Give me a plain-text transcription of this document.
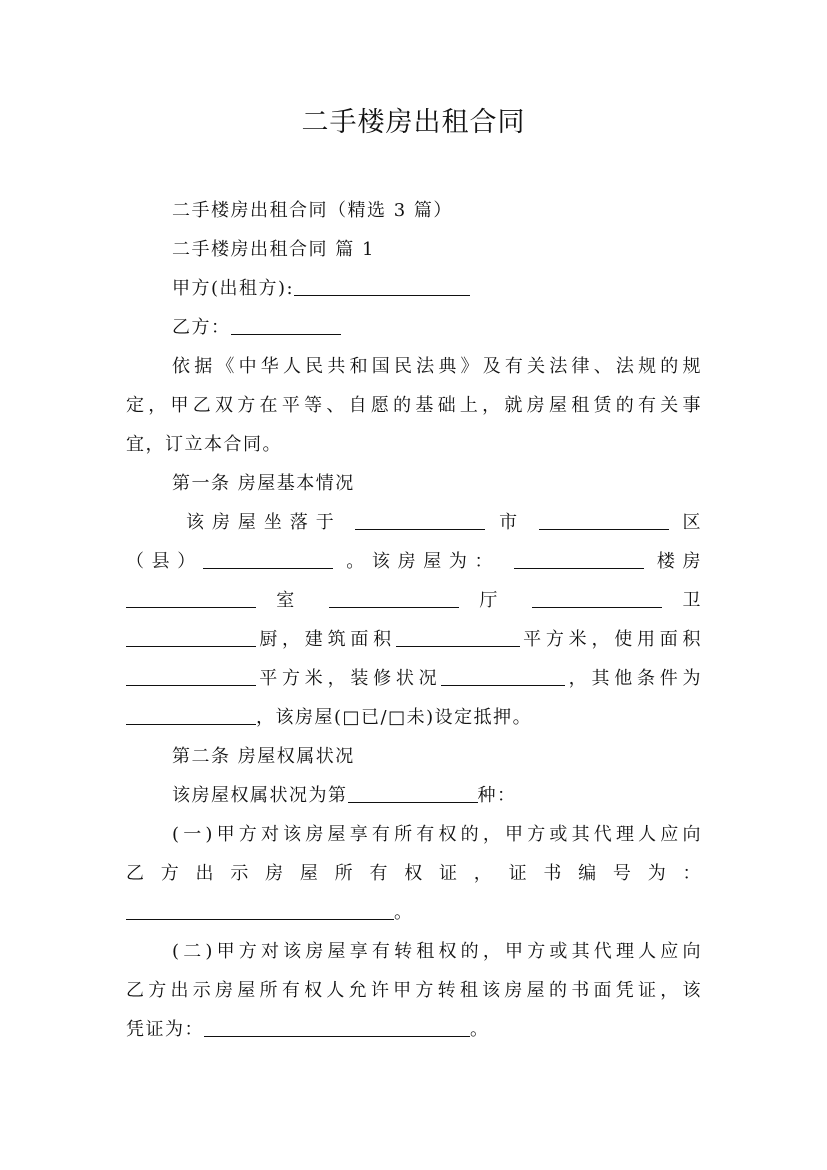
二手楼房出租合同
二手楼房出租合同（精选 3 篇）
二手楼房出租合同 篇 1
甲方(出租方):
乙方：
依据《中华人民共和国民法典》及有关法律、法规的规
定，甲乙双方在平等、自愿的基础上，就房屋租赁的有关事
宜，订立本合同。
第一条 房屋基本情况
该房屋坐落于	市	区
（县）	。该房屋为：	楼房
室	厅	卫
厨，建筑面积	平方米，使用面积
平方米，装修状况	，其他条件为
，该房屋(□已/□未)设定抵押。
第二条 房屋权属状况
该房屋权属状况为第	种：
(一)甲方对该房屋享有所有权的，甲方或其代理人应向
乙方出示房屋所有权证，证书编号为：
。
(二)甲方对该房屋享有转租权的，甲方或其代理人应向
乙方出示房屋所有权人允许甲方转租该房屋的书面凭证，该
凭证为：	。
